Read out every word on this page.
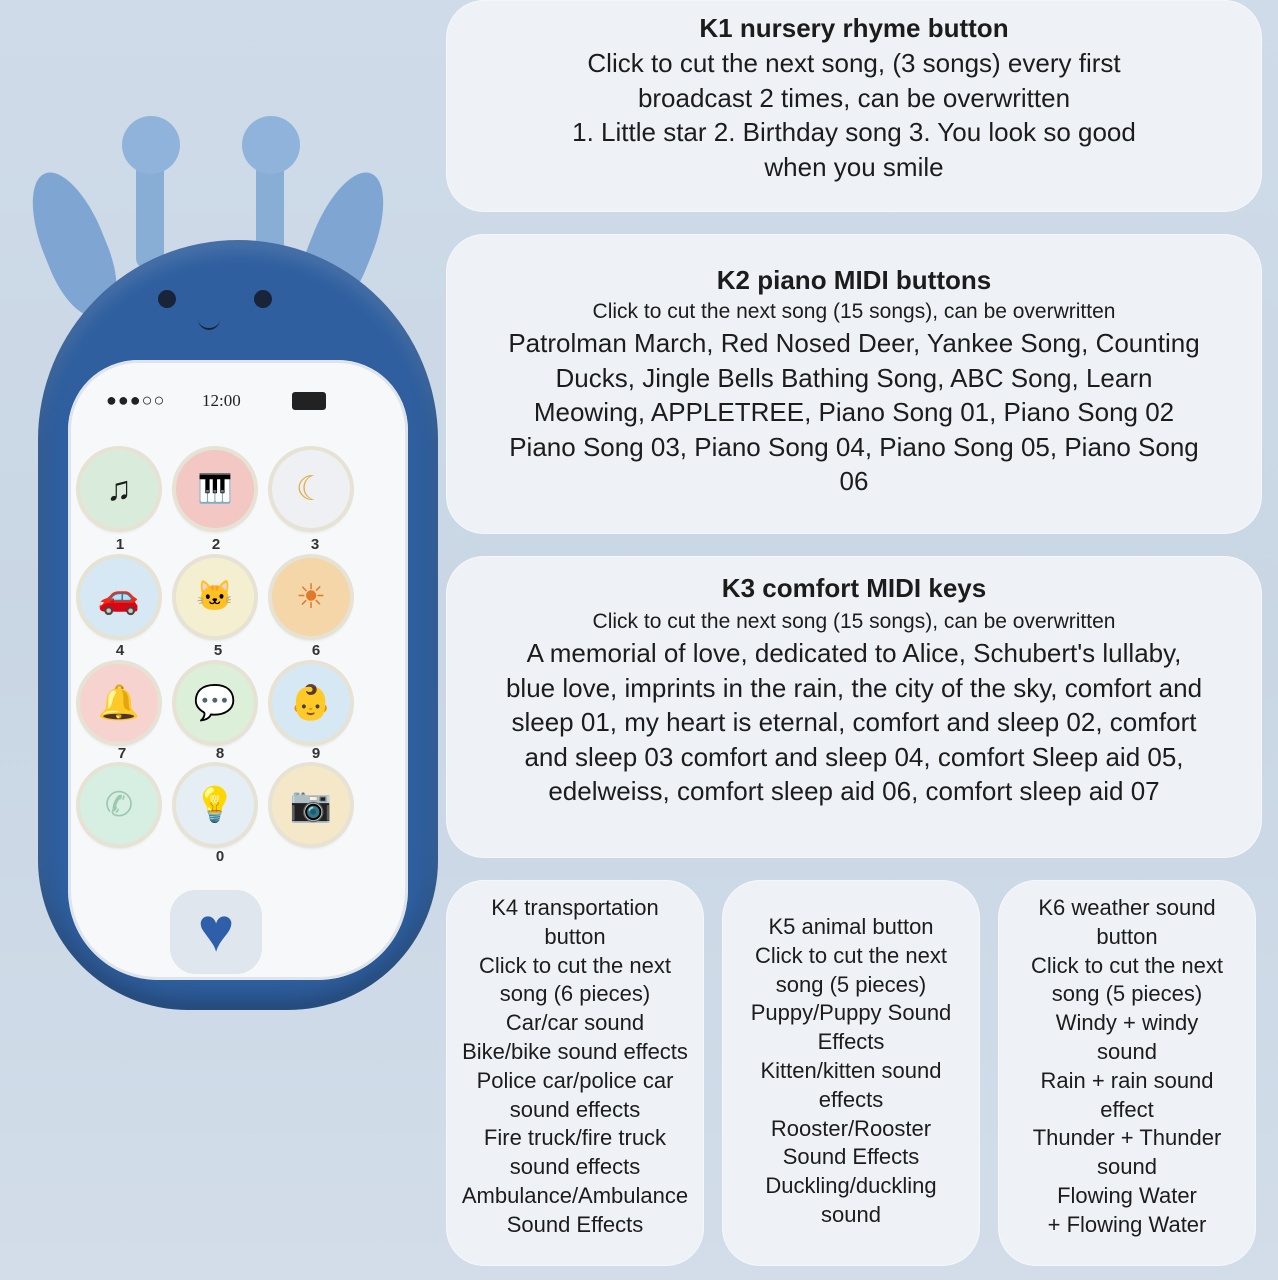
●●●○○ 12:00
♫	🎹	☾
1	2	3
🚗	🐱	☀
4	5	6
🔔	💬	👶
7	8	9
✆	💡	📷
0
♥
K1 nursery rhyme button
Click to cut the next song, (3 songs) every first
broadcast 2 times, can be overwritten
1. Little star 2. Birthday song 3. You look so good
when you smile
K2 piano MIDI buttons
Click to cut the next song (15 songs), can be overwritten
Patrolman March, Red Nosed Deer, Yankee Song, Counting
Ducks, Jingle Bells Bathing Song, ABC Song, Learn
Meowing, APPLETREE, Piano Song 01, Piano Song 02
Piano Song 03, Piano Song 04, Piano Song 05, Piano Song
06
K3 comfort MIDI keys
Click to cut the next song (15 songs), can be overwritten
A memorial of love, dedicated to Alice, Schubert's lullaby,
blue love, imprints in the rain, the city of the sky, comfort and
sleep 01, my heart is eternal, comfort and sleep 02, comfort
and sleep 03 comfort and sleep 04, comfort Sleep aid 05,
edelweiss, comfort sleep aid 06, comfort sleep aid 07
K4 transportation
button
Click to cut the next
song (6 pieces)
Car/car sound
Bike/bike sound effects
Police car/police car
sound effects
Fire truck/fire truck
sound effects
Ambulance/Ambulance
Sound Effects
K5 animal button
Click to cut the next
song (5 pieces)
Puppy/Puppy Sound
Effects
Kitten/kitten sound
effects
Rooster/Rooster
Sound Effects
Duckling/duckling
sound
K6 weather sound
button
Click to cut the next
song (5 pieces)
Windy + windy
sound
Rain + rain sound
effect
Thunder + Thunder
sound
Flowing Water
+ Flowing Water
